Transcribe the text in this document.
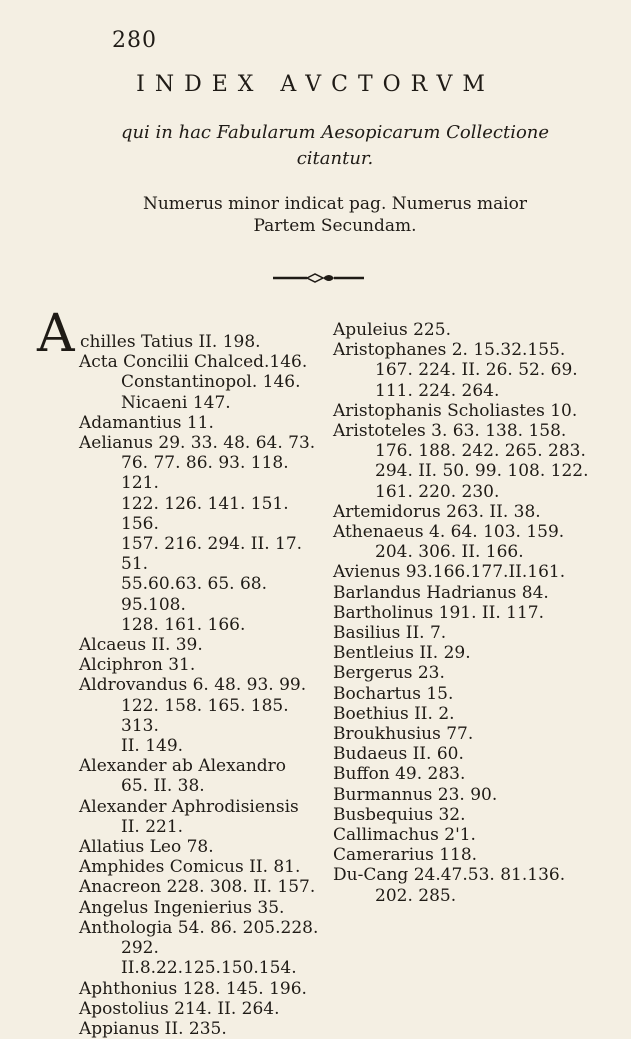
280
INDEX AVCTORVM
qui in hac Fabularum Aesopicarum Collectione
citantur.
Numerus minor indicat pag. Numerus maior
Partem Secundam.
Achilles Tatius II. 198.
Acta Concilii Chalced.146.
Constantinopol. 146.
Nicaeni 147.
Adamantius 11.
Aelianus 29. 33. 48. 64. 73.
76. 77. 86. 93. 118. 121.
122. 126. 141. 151. 156.
157. 216. 294. II. 17. 51.
55.60.63. 65. 68. 95.108.
128. 161. 166.
Alcaeus II. 39.
Alciphron 31.
Aldrovandus 6. 48. 93. 99.
122. 158. 165. 185. 313.
II. 149.
Alexander ab Alexandro
65. II. 38.
Alexander Aphrodisiensis
II. 221.
Allatius Leo 78.
Amphides Comicus II. 81.
Anacreon 228. 308. II. 157.
Angelus Ingenierius 35.
Anthologia 54. 86. 205.228.
292. II.8.22.125.150.154.
Aphthonius 128. 145. 196.
Apostolius 214. II. 264.
Appianus II. 235.
Apuleius 225.
Aristophanes 2. 15.32.155.
167. 224. II. 26. 52. 69.
111. 224. 264.
Aristophanis Scholiastes 10.
Aristoteles 3. 63. 138. 158.
176. 188. 242. 265. 283.
294. II. 50. 99. 108. 122.
161. 220. 230.
Artemidorus 263. II. 38.
Athenaeus 4. 64. 103. 159.
204. 306. II. 166.
Avienus 93.166.177.II.161.
Barlandus Hadrianus 84.
Bartholinus 191. II. 117.
Basilius II. 7.
Bentleius II. 29.
Bergerus 23.
Bochartus 15.
Boethius II. 2.
Broukhusius 77.
Budaeus II. 60.
Buffon 49. 283.
Burmannus 23. 90.
Busbequius 32.
Callimachus 2'1.
Camerarius 118.
Du-Cang 24.47.53. 81.136.
202. 285.
